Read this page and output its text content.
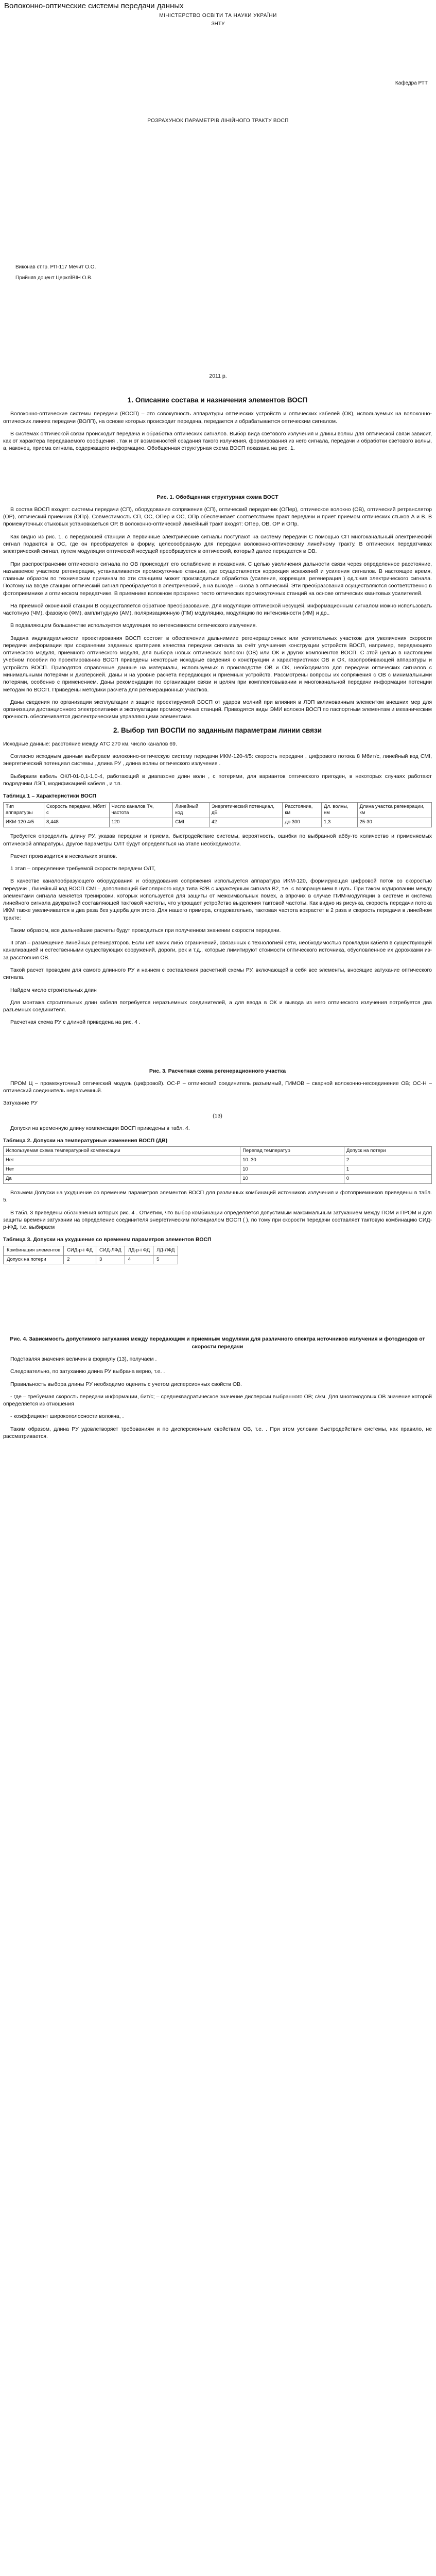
Волоконно-оптические системы передачи данных
МІНІСТЕРСТВО ОСВІТИ ТА НАУКИ УКРАЇНИ
ЗНТУ
Кафедра РТТ
РОЗРАХУНОК ПАРАМЕТРІВ ЛІНІЙНОГО ТРАКТУ ВОСП
Виконав ст.гр. РП-117 Мечит О.О.
Прийняв доцент ЦерклЇВІН О.В.
2011 р.
1. Описание состава и назначения элементов ВОСП

Волоконно-оптические системы передачи (ВОСП) – это совокупность аппаратуры оптических устройств и оптических кабелей (ОК), используемых на волоконно-оптических линиях передачи (ВОЛП), на основе которых происходит передача, передается и обрабатывается оптическим сигналом.

В системах оптической связи происходит передача и обработка оптических сигналов. Выбор вида светового излучения и длины волны для оптической связи зависит, как от характера передаваемого сообщения , так и от возможностей создания такого излучения, формирования из него сигнала, передачи и обработки светового волны, а, наконец, приема сигнала, содержащего информацию. Обобщенная структурная схема ВОСП показана на рис. 1.

Рис. 1. Обобщенная структурная схема ВОСТ

В состав ВОСП входят: системы передачи (СП), оборудование сопряжения (СП), оптический передатчик (ОПер), оптическое волокно (ОВ), оптический ретранслятор (ОР), оптический приемник (ОПр). Совместимость СП, ОС, ОПер и ОС, ОПр обеспечивает соответствием практ передачи и приет приемом оптических стыков А и В. В промежуточных стыковых установкаеться ОР. В волоконно-оптической линейный тракт входят: ОПер, ОВ, ОР и ОПр.

Как видно из рис. 1, с передающей станции А первичные электрические сигналы поступают на систему передачи С помощью СП многоканальный электрический сигнал подаются в ОС, где он преобразуется в форму, целесообразную для передачи волоконно-оптическому линейному тракту. В оптических передатчиках электрический сигнал, путем модуляции оптической несущей преобразуется в оптический, который далее передается в ОВ.

При распространении оптического сигнала по ОВ происходит его ослабление и искажения. С целью увеличения дальности связи через определенное расстояние, называемое участком регенерации, устанавливается промежуточные станции, где осуществляется коррекция искажений и усиления сигналов. В настоящее время, главным образом по техническим причинам по эти станциям может производиться обработка (усиление, коррекция, регенерация ) од.т.ния электрического сигнала. Поэтому на вводе станции оптический сигнал преобразуется в электрический, а на выходе – снова в оптический. Эти преобразования осуществляются соответственно в фотоприемнике и оптическом передатчике. В приемнике волокном прозрачно тесто оптических промежуточных станций на основе оптических квантовых усилителей.

На приемной оконечной станции В осуществляется обратное преобразование. Для модуляции оптической несущей, информационным сигналом можно использовать частотную (ЧМ), фазовую (ФМ), амплитудную (АМ), поляризационную (ПМ) модуляцию, модуляцию по интенсивности (ИМ) и др..

В подавляющем большинстве используется модуляция по интенсивности оптического излучения.

Задача индивидуальности проектирования ВОСП состоит в обеспечении дальнимиие регенерационных или усилительных участков для увеличения скорости передачи информации при сохранении заданных критериев качества передачи сигнала за счёт улучшения конструкции устройств ВОСП, например, передающего оптического модуля, приемного оптического модуля, для выбора новых оптических волокон (ОВ) или ОК и других компонентов ВОСП. С этой целью в настоящем учебном пособии по проектированию ВОСП приведены некоторые исходные сведения о конструкции и характеристиках ОВ и ОК, газопробивающей аппаратуры и устройств ВОСП. Приводятся справочные данные на материалы, используемых в производстве ОВ и ОК, необходимого для передачи оптических сигналов с минимальными потерями и дисперсией. Даны и на уровне расчета передающих и приемных устройств. Рассмотрены вопросы их сопряжения с ОВ с минимальными потерями, особенно с применением. Даны рекомендации по организации связи и целям при комплектовывании и многоканальной передачи информации потенции методам по ВОСП. Приведены методики расчета для регенерационных участков.

Даны сведения по организации эксплуатации и защите проектируемой ВОСП от ударов молний при влияния в ЛЭП вклинованным элементом внешних мер для организации дистанционного электропитания и эксплуатации промежуточных станций. Приводятся виды ЭМИ волокон ВОСП по паспортным элементам и механическим прочность обеспечивается диэлектрическими управляющими элементами.

2. Выбор тип ВОСПИ по заданным параметрам линии связи

Исходные данные: расстояние между АТС 270 км, число каналов 69.

Согласно исходным данным выбираем волоконно-оптическую систему передачи ИКМ-120-4/5: скорость передачи , цифрового потока 8 Мбит/с, линейный код CMI, энергетический потенциал системы , длина РУ , длина волны оптического излучения .

Выбираем кабель ОКЛ-01-0,1-1,0-4, работающий в диапазоне длин волн , с потерями, для вариантов оптического пригоден, в некоторых случаях работают подрядчики ЛЭП, модификацией кабеля , и т.п.

Таблица 1 – Характеристики ВОСП
Тип аппаратуры	Скорость передачи, Мбит/с	Число каналов Тч, частота	Линейный код	Энергетический потенциал, дБ	Расстояние, км	Дл. волны, нм	Длина участка регенерации, км
ИКМ-120 4/5	8,448	120	CMI	42	до 300	1,3	25-30

Требуется определить длину РУ, указав передачи и приема, быстродействие системы, вероятность, ошибки по выбранной аббу-то количество и применяемых оптической аппаратуры. Другое параметры ОЛТ будут определяться на этапе необходимости.

Расчет производится в нескольких этапов.

1 этап – определение требуемой скорости передачи ОЛТ,

В качестве каналообразующего оборудования и оборудования сопряжения используется аппаратура ИКМ-120, формирующая цифровой поток со скоростью передачи , Линейный код ВОСП CMI – дополняющий биполярного кода типа В2В с характерным сигнала В2, т.е. с возвращением в нуль. При таком кодировании между элементами сигнала меняется тренировки, которых используется для защиты от межсимвольных помех, а впрочих в случае ПИМ-модуляции в системе и система линейного сигнала двукратной составляющей тактовой частоты, что упрощает устройство выделения тактовой частоты. Как видно из рисунка, скорость передачи потока ИКМ также увеличивается в два раза без ущерба для этого. Для нашего примера, следовательно, тактовая частота возрастет в 2 раза и скорость передачи в линейном тракте:

Таким образом, все дальнейшие расчеты будут проводиться при полученном значении скорости передачи.

II этап – размещение линейных регенераторов. Если нет каких либо ограничений, связанных с технологией сети, необходимостью прокладки кабеля в существующей канализацией и естественными существующих сооружений, дороги, рек и т.д., которые лимитируют стоимости оптического источника, обусловленное их дорожками из-за расстояния ОВ.

Такой расчет проводим для самого длинного РУ и начнем с составления расчетной схемы РУ, включающей в себя все элементы, вносящие затухание оптического сигнала.

Найдем число строительных длин

Для монтажа строительных длин кабеля потребуется неразъемных соединителей, а для ввода в ОК и вывода из него оптического излучения потребуется два разъемных соединителя.

Расчетная схема РУ с длиной приведена на рис. 4 .

Рис. 3. Расчетная схема регенерационного участка

ПРОМ Ц – промежуточный оптический модуль (цифровой). ОС-Р – оптический соединитель разъемный, ГИМОВ – сварной волоконно-несоединение ОВ; ОС-Н – оптический соединитель неразъемный.

Затухание РУ

(13)

Допуски на временную длину компенсации ВОСП приведены в табл. 4.

Таблица 2. Допуски на температурные изменения ВОСП (ДВ)
Используемая схема температурной компенсации	Перепад температур	Допуск на потери
Нет	10..30	2
Нет	10	1
Да	10	0

Возьмем Допуски на ухудшение со временем параметров элементов ВОСП для различных комбинаций источников излучения и фотоприемников приведены в табл. 5.

В табл. 3 приведены обозначения которых рис. 4 . Отметим, что выбор комбинации определяется допустимым максимальным затуханием между ПОМ и ПРОМ и для защиты времени затухании на определение соединителя энергетическим потенциалом ВОСП ( ), по тому при скорости передачи составляет тактовую комбинацию СИД-p-iФД, т.е. выбираем

Таблица 3. Допуски на ухудшение со временем параметров элементов ВОСП
Комбинация элементов	СИД-p-i ФД	СИД-ЛФД	ЛД-p-i ФД	ЛД-ЛФД
Допуск на потери	2	3	4	5
Рис. 4. Зависимость допустимого затухания между передающим и приемным модулями для различного спектра источников излучения и фотодиодов от скорости передачи

Подставляя значения величин в формулу (13), получаем .

Следовательно, по затуханию длина РУ выбрана верно, т.е. .

Правильность выбора длины РУ необходимо оценить с учетом дисперсионных свойств ОВ.

- где – требуемая скорость передачи информации, бит/с; – среднеквадратическое значение дисперсии выбранного ОВ; с/км. Для многомодовых ОВ значение которой определяется из отношения

- коэффициент широкополосности волокна, .

Таким образом, длина РУ удовлетворяет требованиям и по дисперсионным свойствам ОВ, т.е. . При этом условии быстродействия системы, как правило, не рассматривается.
